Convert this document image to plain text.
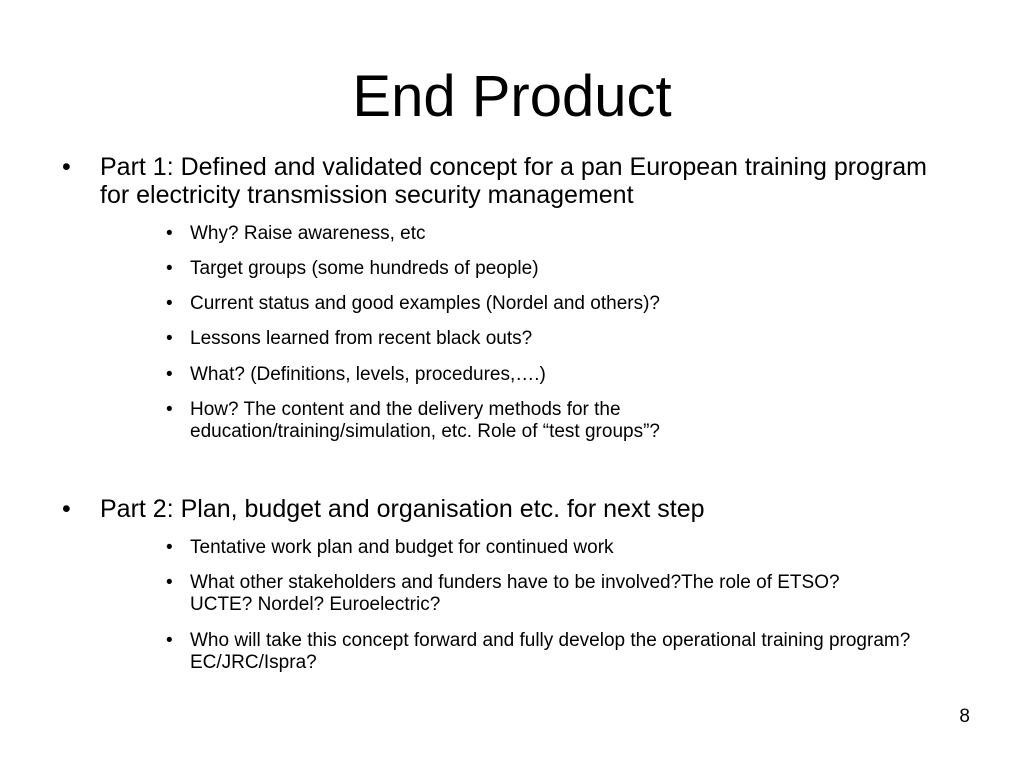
End Product
• Part 1: Defined and validated concept for a pan European training program for electricity transmission security management
• Why? Raise awareness, etc
• Target groups (some hundreds of people)
• Current status and good examples (Nordel and others)?
• Lessons learned from recent black outs?
• What? (Definitions, levels, procedures,….)
• How? The content and the delivery methods for the education/training/simulation, etc. Role of “test groups”?
• Part 2: Plan, budget and organisation etc. for next step
• Tentative work plan and budget for continued work
• What other stakeholders and funders have to be involved?The role of ETSO? UCTE? Nordel? Euroelectric?
• Who will take this concept forward and fully develop the operational training program? EC/JRC/Ispra?
8
